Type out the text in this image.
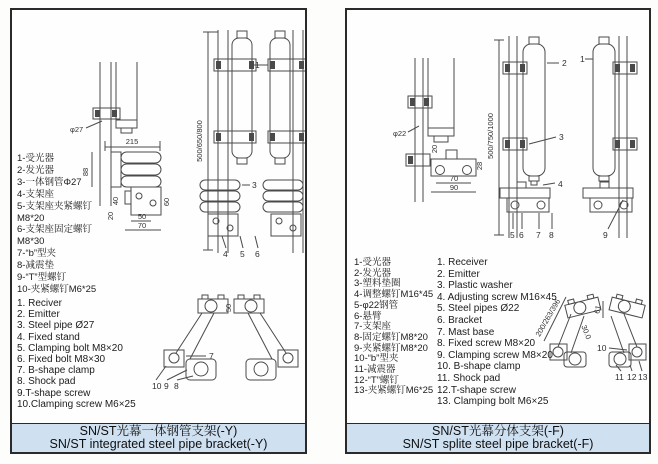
φ27
215
88
40
20	50
70
60
500/650/800
1
3
4 5 6
50
7
10 9 8
1-受光器
2-发光器
3-一体钢管Φ27
4-支架座
5-支架座夹紧螺钉
M8*20
6-支架座固定螺钉
M8*30
7-“b”型夹
8-减震垫
9-“T”型螺钉
10-夹紧螺钉M6*25
1. Reciver
2. Emitter
3. Steel pipe Ø27
4. Fixed stand
5. Clamping bolt M8×20
6. Fixed bolt M8×30
7. B-shape clamp
8. Shock pad
9.T-shape screw
10.Clamping screw M6×25
SN/ST光幕一体钢管支架(-Y)
SN/ST integrated steel pipe bracket(-Y)
φ22
20
28
70
90
500/750/1000
2
3
4
5 6 7 8
1
9
200/263/396	61
30.0
10
11 12 13
1-受光器
2-发光器
3-塑料垫圈
4-调整螺钉M16*45
5-φ22钢管
6-悬臂
7-支架座
8-固定螺钉M8*20
9-夹紧螺钉M8*20
10-“b”型夹
11-减震器
12-“T”螺钉
13-夹紧螺钉M6*25
1. Receiver
2. Emitter
3. Plastic washer
4. Adjusting screw M16×45
5. Steel pipes Ø22
6. Bracket
7. Mast base
8. Fixed screw M8×20
9. Clamping screw M8×20
10. B-shape clamp
11. Shock pad
12.T-shape screw
13. Clamping bolt M6×25
SN/ST光幕分体支架(-F)
SN/ST splite steel pipe bracket(-F)
